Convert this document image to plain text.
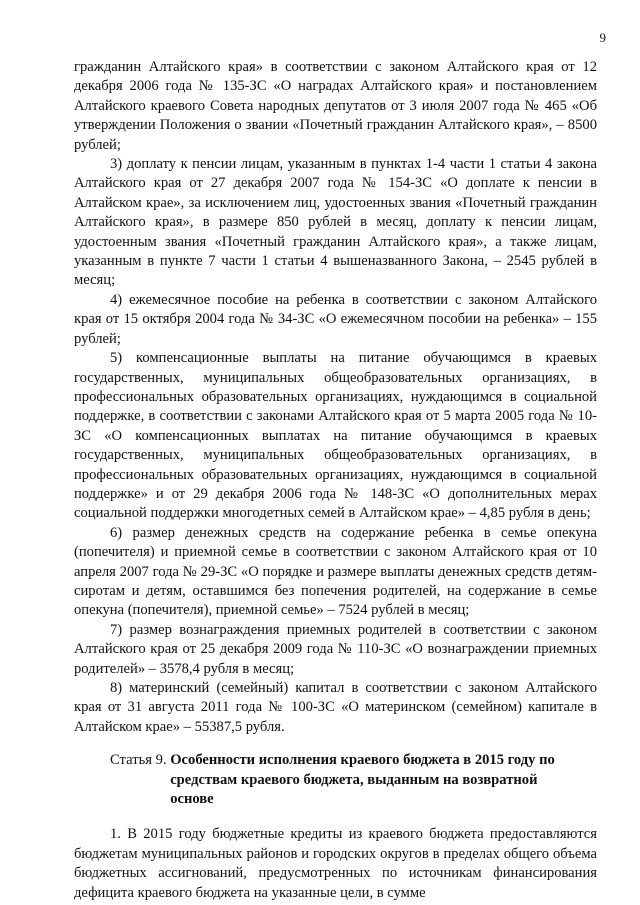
9

гражданин Алтайского края» в соответствии с законом Алтайского края от 12 декабря 2006 года № 135-ЗС «О наградах Алтайского края» и постановлением Алтайского краевого Совета народных депутатов от 3 июля 2007 года № 465 «Об утверждении Положения о звании «Почетный гражданин Алтайского края», – 8500 рублей;

3) доплату к пенсии лицам, указанным в пунктах 1-4 части 1 статьи 4 закона Алтайского края от 27 декабря 2007 года № 154-ЗС «О доплате к пенсии в Алтайском крае», за исключением лиц, удостоенных звания «Почетный гражданин Алтайского края», в размере 850 рублей в месяц, доплату к пенсии лицам, удостоенным звания «Почетный гражданин Алтайского края», а также лицам, указанным в пункте 7 части 1 статьи 4 вышеназванного Закона, – 2545 рублей в месяц;

4) ежемесячное пособие на ребенка в соответствии с законом Алтайского края от 15 октября 2004 года № 34-ЗС «О ежемесячном пособии на ребенка» – 155 рублей;

5) компенсационные выплаты на питание обучающимся в краевых государственных, муниципальных общеобразовательных организациях, в профессиональных образовательных организациях, нуждающимся в социальной поддержке, в соответствии с законами Алтайского края от 5 марта 2005 года № 10-ЗС «О компенсационных выплатах на питание обучающимся в краевых государственных, муниципальных общеобразовательных организациях, в профессиональных образовательных организациях, нуждающимся в социальной поддержке» и от 29 декабря 2006 года № 148-ЗС «О дополнительных мерах социальной поддержки многодетных семей в Алтайском крае» – 4,85 рубля в день;

6) размер денежных средств на содержание ребенка в семье опекуна (попечителя) и приемной семье в соответствии с законом Алтайского края от 10 апреля 2007 года № 29-ЗС «О порядке и размере выплаты денежных средств детям-сиротам и детям, оставшимся без попечения родителей, на содержание в семье опекуна (попечителя), приемной семье» – 7524 рублей в месяц;

7) размер вознаграждения приемных родителей в соответствии с законом Алтайского края от 25 декабря 2009 года № 110-ЗС «О вознаграждении приемных родителей» – 3578,4 рубля в месяц;

8) материнский (семейный) капитал в соответствии с законом Алтайского края от 31 августа 2011 года № 100-ЗС «О материнском (семейном) капитале в Алтайском крае» – 55387,5 рубля.

Статья 9. Особенности исполнения краевого бюджета в 2015 году по средствам краевого бюджета, выданным на возвратной основе

1. В 2015 году бюджетные кредиты из краевого бюджета предоставляются бюджетам муниципальных районов и городских округов в пределах общего объема бюджетных ассигнований, предусмотренных по источникам финансирования дефицита краевого бюджета на указанные цели, в сумме
